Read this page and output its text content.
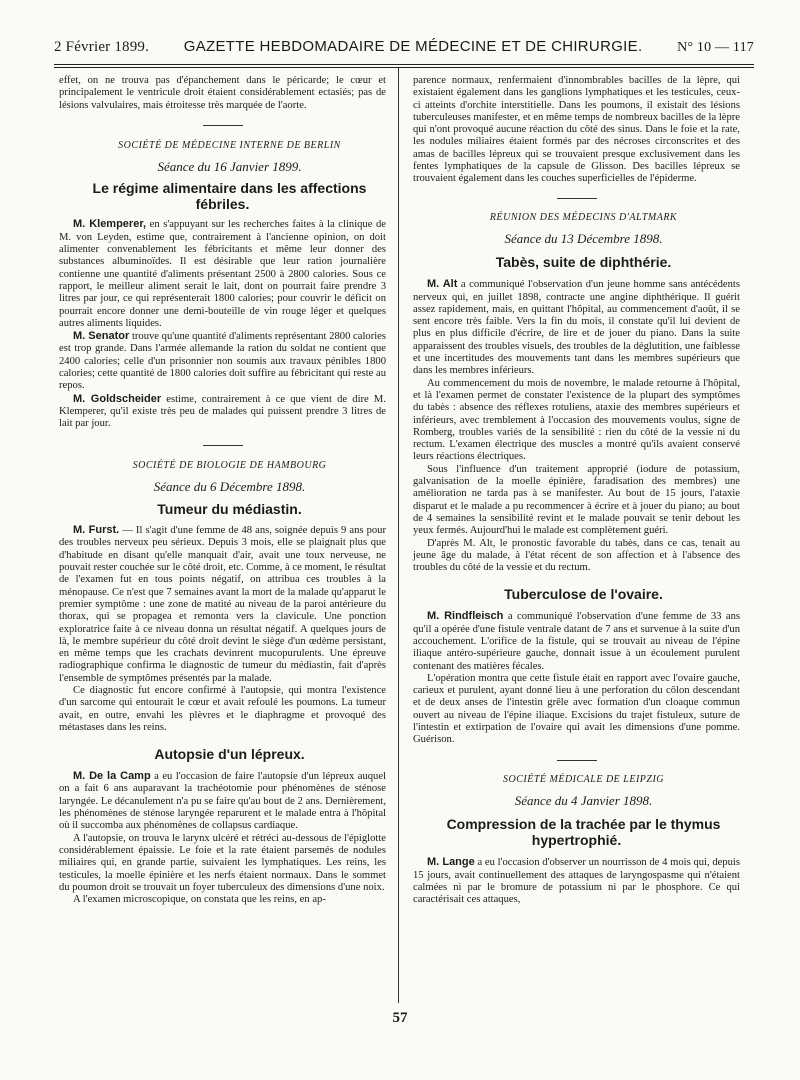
2 Février 1899. GAZETTE HEBDOMADAIRE DE MÉDECINE ET DE CHIRURGIE. N° 10 — 117

effet, on ne trouva pas d'épanchement dans le péricarde; le cœur et principalement le ventricule droit étaient considérablement ectasiés; pas de lésions valvulaires, mais étroitesse très marquée de l'aorte.

SOCIÉTÉ DE MÉDECINE INTERNE DE BERLIN

Séance du 16 Janvier 1899.

Le régime alimentaire dans les affections fébriles.

M. Klemperer, en s'appuyant sur les recherches faites à la clinique de M. von Leyden, estime que, contrairement à l'ancienne opinion, on doit alimenter convenablement les fébricitants et même leur donner des substances albuminoïdes. Il est désirable que leur ration journalière contienne une quantité d'aliments présentant 2500 à 2800 calories. Sous ce rapport, le meilleur aliment serait le lait, dont on pourrait faire prendre 3 litres par jour, ce qui représenterait 1800 calories; pour couvrir le déficit on pourrait encore donner une demi-bouteille de vin rouge léger et quelques autres aliments liquides.

M. Senator trouve qu'une quantité d'aliments représentant 2800 calories est trop grande. Dans l'armée allemande la ration du soldat ne contient que 2400 calories; celle d'un prisonnier non soumis aux travaux pénibles 1800 calories; cette quantité de 1800 calories doit suffire au fébricitant qui reste au repos.

M. Goldscheider estime, contrairement à ce que vient de dire M. Klemperer, qu'il existe très peu de malades qui puissent prendre 3 litres de lait par jour.

SOCIÉTÉ DE BIOLOGIE DE HAMBOURG

Séance du 6 Décembre 1898.

Tumeur du médiastin.

M. Furst. — Il s'agit d'une femme de 48 ans, soignée depuis 9 ans pour des troubles nerveux peu sérieux. Depuis 3 mois, elle se plaignait plus que d'habitude en disant qu'elle manquait d'air, avait une toux nerveuse, ne pouvait rester couchée sur le côté droit, etc. Comme, à ce moment, le résultat de l'examen fut en tous points négatif, on attribua ces troubles à la ménopause. Ce n'est que 7 semaines avant la mort de la malade qu'apparut le premier symptôme : une zone de matité au niveau de la paroi antérieure du thorax, qui se propagea et remonta vers la clavicule. Une ponction exploratrice faite à ce niveau donna un résultat négatif. A quelques jours de là, le membre supérieur du côté droit devint le siège d'un œdème persistant, en même temps que les crachats devinrent mucopurulents. Une épreuve radiographique confirma le diagnostic de tumeur du médiastin, fait d'après l'ensemble de symptômes présentés par la malade.

Ce diagnostic fut encore confirmé à l'autopsie, qui montra l'existence d'un sarcome qui entourait le cœur et avait refoulé les poumons. La tumeur avait, en outre, envahi les plèvres et le diaphragme et provoqué des métastases dans les reins.

Autopsie d'un lépreux.

M. De la Camp a eu l'occasion de faire l'autopsie d'un lépreux auquel on a fait 6 ans auparavant la trachéotomie pour phénomènes de sténose laryngée. Le décanulement n'a pu se faire qu'au bout de 2 ans. Dernièrement, les phénomènes de sténose laryngée reparurent et le malade entra à l'hôpital où il succomba aux phénomènes de collapsus cardiaque.

A l'autopsie, on trouva le larynx ulcéré et rétréci au-dessous de l'épiglotte considérablement épaissie. Le foie et la rate étaient parsemés de nodules miliaires qui, en grande partie, suivaient les lymphatiques. Les reins, les testicules, la moelle épinière et les nerfs étaient normaux. Dans le sommet du poumon droit se trouvait un foyer tuberculeux des dimensions d'une noix.

A l'examen microscopique, on constata que les reins, en ap-

parence normaux, renfermaient d'innombrables bacilles de la lèpre, qui existaient également dans les ganglions lymphatiques et les testicules, ceux-ci atteints d'orchite interstitielle. Dans les poumons, il existait des lésions tuberculeuses manifester, et en même temps de nombreux bacilles de la lèpre qui n'ont provoqué aucune réaction du côté des sinus. Dans le foie et la rate, les nodules miliaires étaient formés par des nécroses circonscrites et des amas de bacilles lépreux qui se trouvaient presque exclusivement dans les fentes lymphatiques de la capsule de Glisson. Des bacilles lépreux se trouvaient également dans les couches superficielles de l'épiderme.

RÉUNION DES MÉDECINS D'ALTMARK

Séance du 13 Décembre 1898.

Tabès, suite de diphthérie.

M. Alt a communiqué l'observation d'un jeune homme sans antécédents nerveux qui, en juillet 1898, contracte une angine diphthérique. Il guérit assez rapidement, mais, en quittant l'hôpital, au commencement d'août, il se sent encore très faible. Vers la fin du mois, il constate qu'il lui devient de plus en plus difficile d'écrire, de lire et de jouer du piano. Dans la suite apparaissent des troubles visuels, des troubles de la déglutition, une faiblesse et une incertitudes des mouvements tant dans les membres supérieurs que dans les membres inférieurs.

Au commencement du mois de novembre, le malade retourne à l'hôpital, et là l'examen permet de constater l'existence de la plupart des symptômes du tabès : absence des réflexes rotuliens, ataxie des membres supérieurs et inférieurs, avec tremblement à l'occasion des mouvements voulus, signe de Romberg, troubles variés de la sensibilité : rien du côté de la vessie ni du rectum. L'examen électrique des muscles a montré qu'ils avaient conservé leurs réactions électriques.

Sous l'influence d'un traitement approprié (iodure de potassium, galvanisation de la moelle épinière, faradisation des membres) une amélioration ne tarda pas à se manifester. Au bout de 15 jours, l'ataxie disparut et le malade a pu recommencer à écrire et à jouer du piano; au bout de 4 semaines la sensibilité revint et le malade pouvait se tenir debout les yeux fermés. Aujourd'hui le malade est complètement guéri.

D'après M. Alt, le pronostic favorable du tabès, dans ce cas, tenait au jeune âge du malade, à l'état récent de son affection et à l'absence des troubles du côté de la vessie et du rectum.

Tuberculose de l'ovaire.

M. Rindfleisch a communiqué l'observation d'une femme de 33 ans qu'il a opérée d'une fistule ventrale datant de 7 ans et survenue à la suite d'un accouchement. L'orifice de la fistule, qui se trouvait au niveau de l'épine iliaque antéro-supérieure gauche, donnait issue à un écoulement purulent contenant des matières fécales.

L'opération montra que cette fistule était en rapport avec l'ovaire gauche, carieux et purulent, ayant donné lieu à une perforation du côlon descendant et de deux anses de l'intestin grêle avec formation d'un cloaque commun ouvert au niveau de l'épine iliaque. Excisions du trajet fistuleux, suture de l'intestin et extirpation de l'ovaire qui avait les dimensions d'une pomme. Guérison.

SOCIÉTÉ MÉDICALE DE LEIPZIG

Séance du 4 Janvier 1898.

Compression de la trachée par le thymus hypertrophié.

M. Lange a eu l'occasion d'observer un nourrisson de 4 mois qui, depuis 15 jours, avait continuellement des attaques de laryngospasme qui n'étaient calmées ni par le bromure de potassium ni par le phosphore. Ce qui caractérisait ces attaques,

57
